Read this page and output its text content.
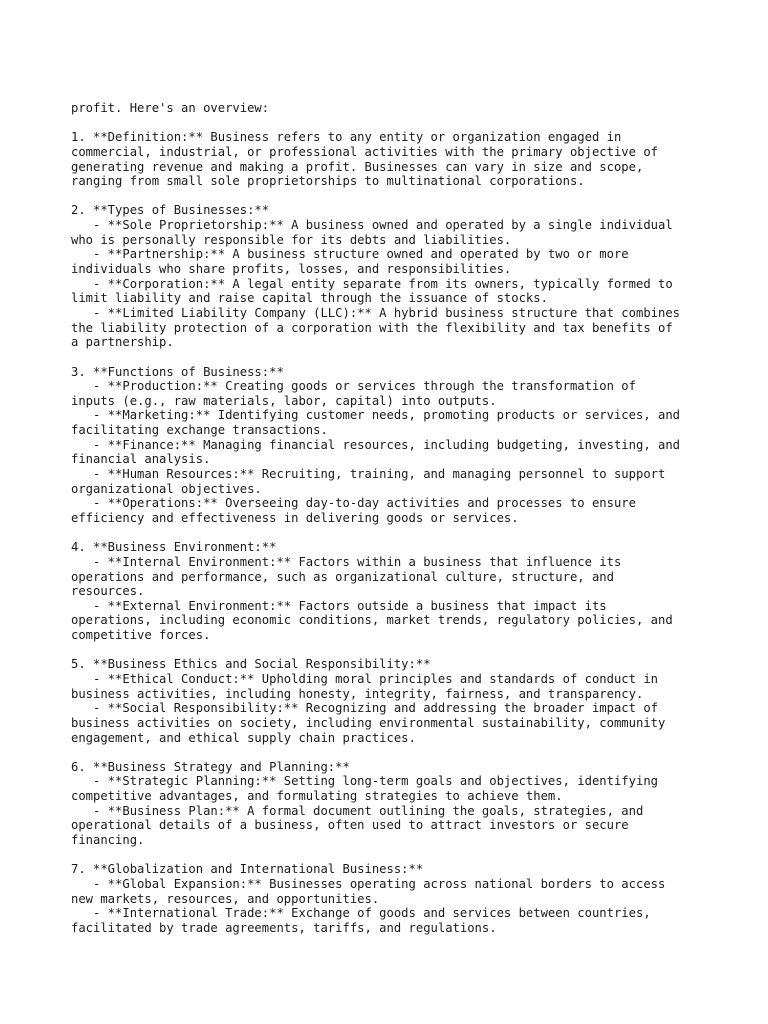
profit. Here's an overview:
1. **Definition:** Business refers to any entity or organization engaged in
commercial, industrial, or professional activities with the primary objective of
generating revenue and making a profit. Businesses can vary in size and scope,
ranging from small sole proprietorships to multinational corporations.
2. **Types of Businesses:**
- **Sole Proprietorship:** A business owned and operated by a single individual
who is personally responsible for its debts and liabilities.
- **Partnership:** A business structure owned and operated by two or more
individuals who share profits, losses, and responsibilities.
- **Corporation:** A legal entity separate from its owners, typically formed to
limit liability and raise capital through the issuance of stocks.
- **Limited Liability Company (LLC):** A hybrid business structure that combines
the liability protection of a corporation with the flexibility and tax benefits of
a partnership.
3. **Functions of Business:**
- **Production:** Creating goods or services through the transformation of
inputs (e.g., raw materials, labor, capital) into outputs.
- **Marketing:** Identifying customer needs, promoting products or services, and
facilitating exchange transactions.
- **Finance:** Managing financial resources, including budgeting, investing, and
financial analysis.
- **Human Resources:** Recruiting, training, and managing personnel to support
organizational objectives.
- **Operations:** Overseeing day-to-day activities and processes to ensure
efficiency and effectiveness in delivering goods or services.
4. **Business Environment:**
- **Internal Environment:** Factors within a business that influence its
operations and performance, such as organizational culture, structure, and
resources.
- **External Environment:** Factors outside a business that impact its
operations, including economic conditions, market trends, regulatory policies, and
competitive forces.
5. **Business Ethics and Social Responsibility:**
- **Ethical Conduct:** Upholding moral principles and standards of conduct in
business activities, including honesty, integrity, fairness, and transparency.
- **Social Responsibility:** Recognizing and addressing the broader impact of
business activities on society, including environmental sustainability, community
engagement, and ethical supply chain practices.
6. **Business Strategy and Planning:**
- **Strategic Planning:** Setting long-term goals and objectives, identifying
competitive advantages, and formulating strategies to achieve them.
- **Business Plan:** A formal document outlining the goals, strategies, and
operational details of a business, often used to attract investors or secure
financing.
7. **Globalization and International Business:**
- **Global Expansion:** Businesses operating across national borders to access
new markets, resources, and opportunities.
- **International Trade:** Exchange of goods and services between countries,
facilitated by trade agreements, tariffs, and regulations.
